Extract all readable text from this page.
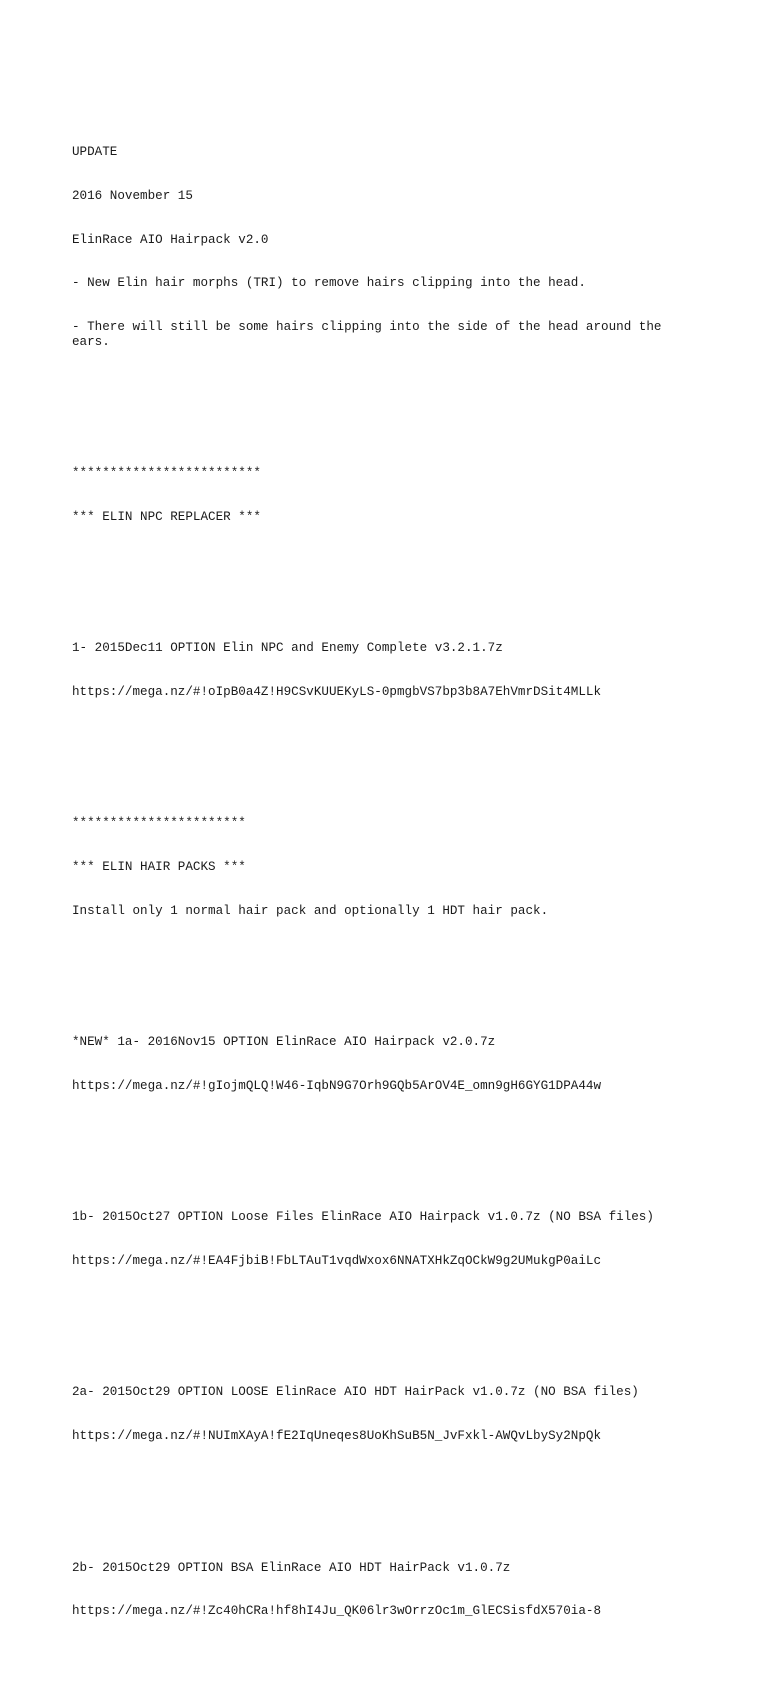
UPDATE

2016 November 15

ElinRace AIO Hairpack v2.0

- New Elin hair morphs (TRI) to remove hairs clipping into the head.

- There will still be some hairs clipping into the side of the head around the ears.

*************************

*** ELIN NPC REPLACER ***

1- 2015Dec11 OPTION Elin NPC and Enemy Complete v3.2.1.7z

https://mega.nz/#!oIpB0a4Z!H9CSvKUUEKyLS-0pmgbVS7bp3b8A7EhVmrDSit4MLLk

***********************

*** ELIN HAIR PACKS ***

Install only 1 normal hair pack and optionally 1 HDT hair pack.

*NEW* 1a- 2016Nov15 OPTION ElinRace AIO Hairpack v2.0.7z

https://mega.nz/#!gIojmQLQ!W46-IqbN9G7Orh9GQb5ArOV4E_omn9gH6GYG1DPA44w

1b- 2015Oct27 OPTION Loose Files ElinRace AIO Hairpack v1.0.7z (NO BSA files)

https://mega.nz/#!EA4FjbiB!FbLTAuT1vqdWxox6NNATXHkZqOCkW9g2UMukgP0aiLc

2a- 2015Oct29 OPTION LOOSE ElinRace AIO HDT HairPack v1.0.7z (NO BSA files)

https://mega.nz/#!NUImXAyA!fE2IqUneqes8UoKhSuB5N_JvFxkl-AWQvLbySy2NpQk

2b- 2015Oct29 OPTION BSA ElinRace AIO HDT HairPack v1.0.7z

https://mega.nz/#!Zc40hCRa!hf8hI4Ju_QK06lr3wOrrzOc1m_GlECSisfdX570ia-8
